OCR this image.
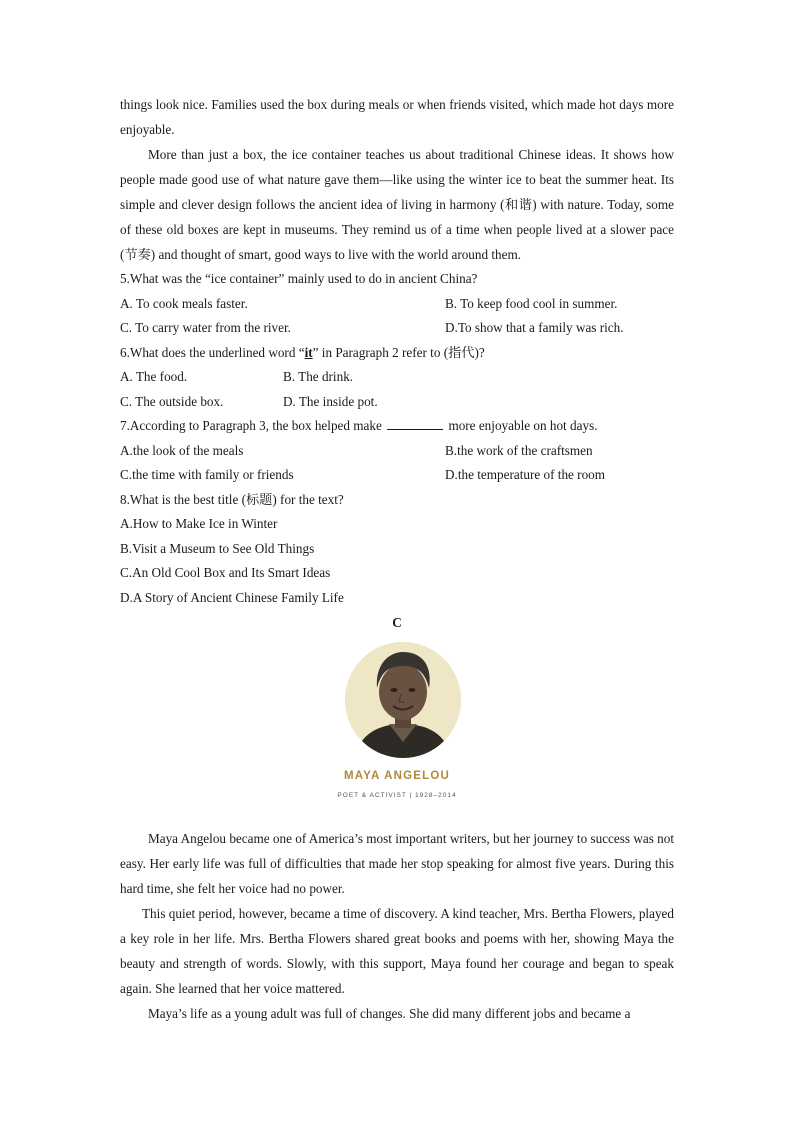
things look nice. Families used the box during meals or when friends visited, which made hot days more enjoyable.

More than just a box, the ice container teaches us about traditional Chinese ideas. It shows how people made good use of what nature gave them—like using the winter ice to beat the summer heat. Its simple and clever design follows the ancient idea of living in harmony (和谐) with nature. Today, some of these old boxes are kept in museums. They remind us of a time when people lived at a slower pace (节奏) and thought of smart, good ways to live with the world around them.

5.What was the “ice container” mainly used to do in ancient China?

A. To cook meals faster.	B. To keep food cool in summer.
C. To carry water from the river.	D.To show that a family was rich.

6.What does the underlined word “it” in Paragraph 2 refer to (指代)?

A. The food.	B. The drink.
C. The outside box.	D. The inside pot.

7.According to Paragraph 3, the box helped make	more enjoyable on hot days.

A.the look of the meals	B.the work of the craftsmen
C.the time with family or friends	D.the temperature of the room

8.What is the best title (标题) for the text?

A.How to Make Ice in Winter

B.Visit a Museum to See Old Things

C.An Old Cool Box and Its Smart Ideas

D.A Story of Ancient Chinese Family Life

C

MAYA ANGELOU
POET & ACTIVIST | 1928–2014

Maya Angelou became one of America’s most important writers, but her journey to success was not easy. Her early life was full of difficulties that made her stop speaking for almost five years. During this hard time, she felt her voice had no power.

This quiet period, however, became a time of discovery. A kind teacher, Mrs. Bertha Flowers, played a key role in her life. Mrs. Bertha Flowers shared great books and poems with her, showing Maya the beauty and strength of words. Slowly, with this support, Maya found her courage and began to speak again. She learned that her voice mattered.

Maya’s life as a young adult was full of changes. She did many different jobs and became a
